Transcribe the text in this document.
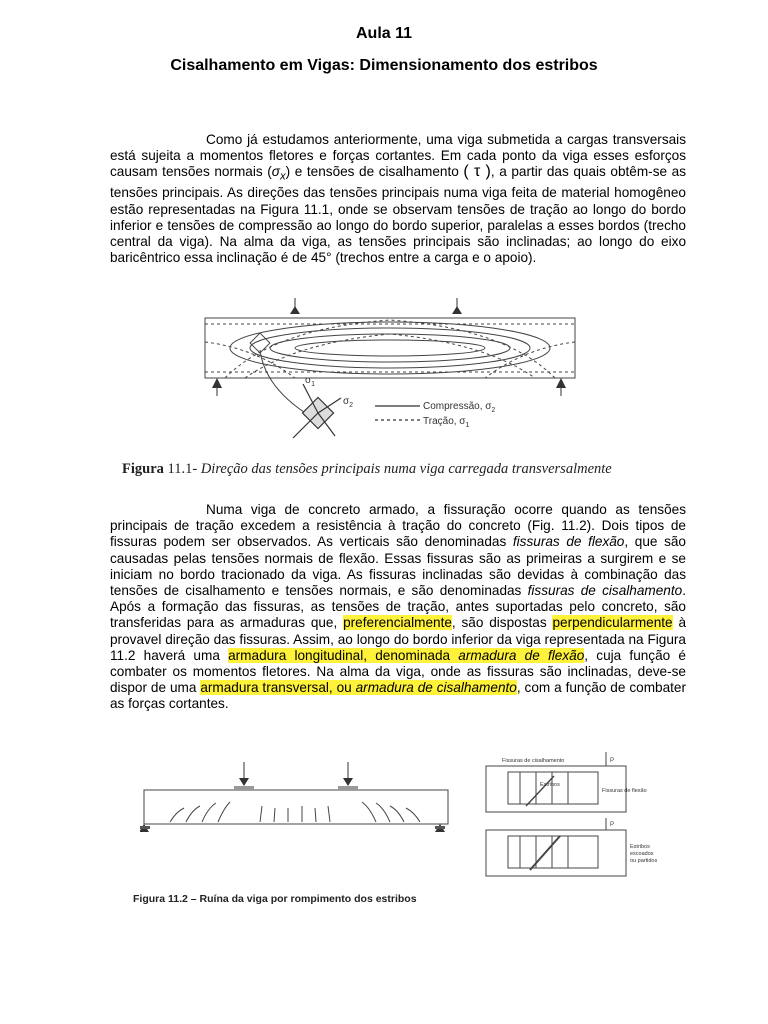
Aula 11
Cisalhamento em Vigas: Dimensionamento dos estribos

Como já estudamos anteriormente, uma viga submetida a cargas transversais está sujeita a momentos fletores e forças cortantes. Em cada ponto da viga esses esforços causam tensões normais $(\sigma_x)$ e tensões de cisalhamento ( τ ), a partir das quais obtêm-se as tensões principais. As direções das tensões principais numa viga feita de material homogêneo estão representadas na Figura 11.1, onde se observam tensões de tração ao longo do bordo inferior e tensões de compressão ao longo do bordo superior, paralelas a esses bordos (trecho central da viga). Na alma da viga, as tensões principais são inclinadas; ao longo do eixo baricêntrico essa inclinação é de 45° (trechos entre a carga e o apoio).

$\sigma_1$
$\sigma_2$	Compressão, $\sigma_2$
Tração, $\sigma_1$

Figura 11.1- Direção das tensões principais numa viga carregada transversalmente

Numa viga de concreto armado, a fissuração ocorre quando as tensões principais de tração excedem a resistência à tração do concreto (Fig. 11.2). Dois tipos de fissuras podem ser observados. As verticais são denominadas fissuras de flexão, que são causadas pelas tensões normais de flexão. Essas fissuras são as primeiras a surgirem e se iniciam no bordo tracionado da viga. As fissuras inclinadas são devidas à combinação das tensões de cisalhamento e tensões normais, e são denominadas fissuras de cisalhamento. Após a formação das fissuras, as tensões de tração, antes suportadas pelo concreto, são transferidas para as armaduras que, preferencialmente, são dispostas perpendicularmente à provavel direção das fissuras. Assim, ao longo do bordo inferior da viga representada na Figura 11.2 haverá uma armadura longitudinal, denominada armadura de flexão, cuja função é combater os momentos fletores. Na alma da viga, onde as fissuras são inclinadas, deve-se dispor de uma armadura transversal, ou armadura de cisalhamento, com a função de combater as forças cortantes.

Fissuras de cisalhamento	P
Estribos
Fissuras de flexão
P
Estribos
escoados
ou partidos

Figura 11.2 – Ruína da viga por rompimento dos estribos
